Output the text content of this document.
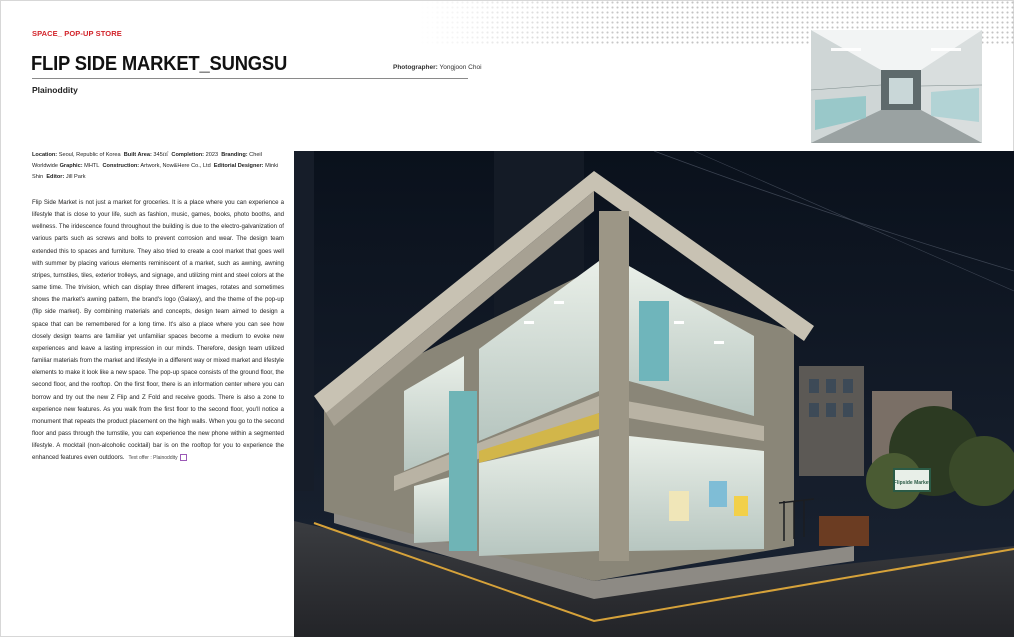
SPACE_ POP-UP STORE
FLIP SIDE MARKET_SUNGSU	Photographer: Yongjoon Choi
Plainoddity
Location: Seoul, Republic of Korea Built Area: 345㎡ Completion: 2023 Branding: Cheil Worldwide Graphic: MHTL Construction: Artwork, Now&Here Co., Ltd Editorial Designer: Minki Shin Editor: Jill Park
Flip Side Market is not just a market for groceries. It is a place where you can experience a lifestyle that is close to your life, such as fashion, music, games, books, photo booths, and wellness. The iridescence found throughout the building is due to the electro-galvanization of various parts such as screws and bolts to prevent corrosion and wear. The design team extended this to spaces and furniture. They also tried to create a cool market that goes well with summer by placing various elements reminiscent of a market, such as awning, awning stripes, turnstiles, tiles, exterior trolleys, and signage, and utilizing mint and steel colors at the same time. The trivision, which can display three different images, rotates and sometimes shows the market's awning pattern, the brand's logo (Galaxy), and the theme of the pop-up (flip side market). By combining materials and concepts, design team aimed to design a space that can be remembered for a long time. It's also a place where you can see how closely design teams are familiar yet unfamiliar spaces become a medium to evoke new experiences and leave a lasting impression in our minds. Therefore, design team utilized familiar materials from the market and lifestyle in a different way or mixed market and lifestyle elements to make it look like a new space. The pop-up space consists of the ground floor, the second floor, and the rooftop. On the first floor, there is an information center where you can borrow and try out the new Z Flip and Z Fold and receive goods. There is also a zone to experience new features. As you walk from the first floor to the second floor, you'll notice a monument that repeats the product placement on the high walls. When you go to the second floor and pass through the turnstile, you can experience the new phone within a segmented lifestyle. A mocktail (non-alcoholic cocktail) bar is on the rooftop for you to experience the enhanced features even outdoors. Text offer : Plainoddity
Flipside Market
